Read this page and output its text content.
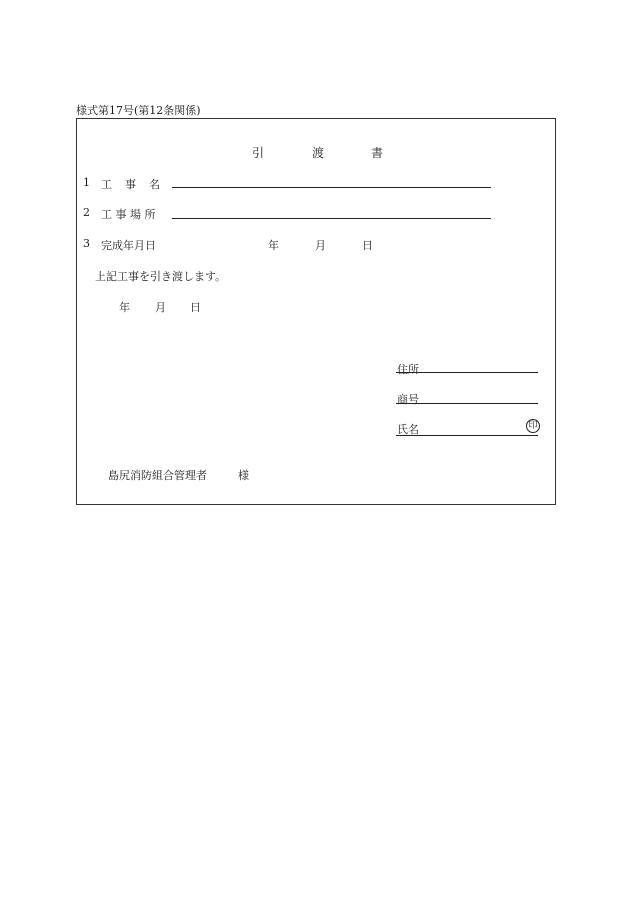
様式第17号(第12条関係)
引	渡	書
1 工 事 名
2 工 事 場 所
3 完成年月日	年	月	日
上記工事を引き渡します。
年 月 日
住所
商号
氏名	印
島尻消防組合管理者	様
